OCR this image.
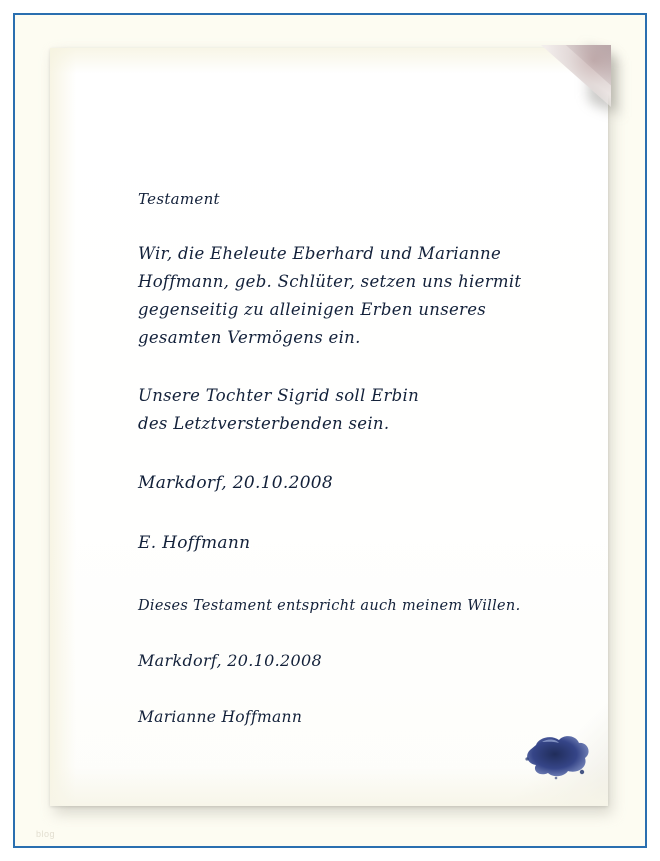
Testament
Wir, die Eheleute Eberhard und Marianne
Hoffmann, geb. Schlüter, setzen uns hiermit
gegenseitig zu alleinigen Erben unseres
gesamten Vermögens ein.
Unsere Tochter Sigrid soll Erbin
des Letztversterbenden sein.
Markdorf, 20.10.2008
E. Hoffmann
Dieses Testament entspricht auch meinem Willen.
Markdorf, 20.10.2008
Marianne Hoffmann
blog
